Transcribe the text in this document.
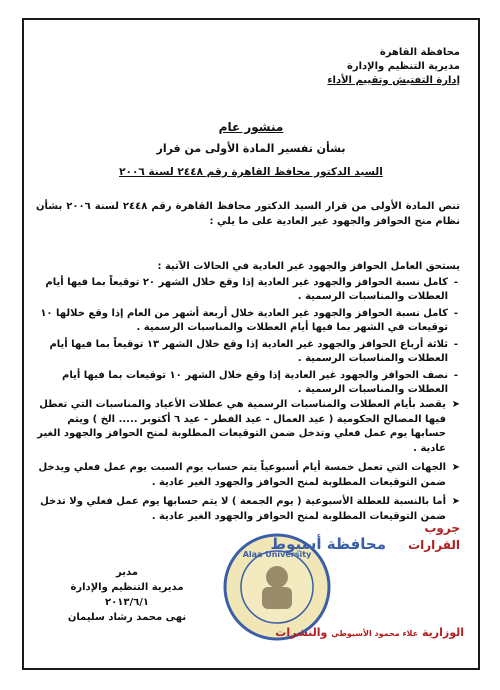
محافظة القاهرة
مديرية التنظيم والإدارة
إدارة التفتيش وتقييم الأداء
منشور عام
بشأن تفسير المادة الأولى من قرار
السيد الدكتور محافظ القاهرة رقم ٢٤٤٨ لسنة ٢٠٠٦
تنص المادة الأولى من قرار السيد الدكتور محافظ القاهرة رقم ٢٤٤٨ لسنة ٢٠٠٦ بشأن نظام منح الحوافز والجهود غير العادية على ما يلي :
يستحق العامل الحوافز والجهود غير العادية في الحالات الآتية :
- كامل نسبة الحوافز والجهود غير العادية إذا وقع خلال الشهر ٢٠ توقيعاً بما فيها أيام العطلات والمناسبات الرسمية .
- كامل نسبة الحوافز والجهود غير العادية خلال أربعة أشهر من العام إذا وقع خلالها ١٠ توقيعات في الشهر بما فيها أيام العطلات والمناسبات الرسمية .
- ثلاثة أرباع الحوافز والجهود غير العادية إذا وقع خلال الشهر ١٣ توقيعاً بما فيها أيام العطلات والمناسبات الرسمية .
- نصف الحوافز والجهود غير العادية إذا وقع خلال الشهر ١٠ توقيعات بما فيها أيام العطلات والمناسبات الرسمية .
➤
يقصد بأيام العطلات والمناسبات الرسمية هي عطلات الأعياد والمناسبات التي تعطل فيها المصالح الحكومية ( عيد العمال - عيد الفطر - عيد ٦ أكتوبر ..... الخ ) ويتم حسابها يوم عمل فعلي وتدخل ضمن التوقيعات المطلوبة لمنح الحوافز والجهود الغير عادية .
➤
الجهات التي تعمل خمسة أيام أسبوعياً يتم حساب يوم السبت يوم عمل فعلي ويدخل ضمن التوقيعات المطلوبة لمنح الحوافز والجهود الغير عادية .
➤
أما بالنسبة للعطلة الأسبوعية ( يوم الجمعة ) لا يتم حسابها يوم عمل فعلي ولا تدخل ضمن التوقيعات المطلوبة لمنح الحوافز والجهود الغير عادية .
مدير
مديرية التنظيم والإدارة
٢٠١٣/٦/١
نهى محمد رشاد سليمان
Alaa University
جروب
القرارات
محافظة أسيوط
الوزارية علاء محمود الأسيوطي والنشرات
